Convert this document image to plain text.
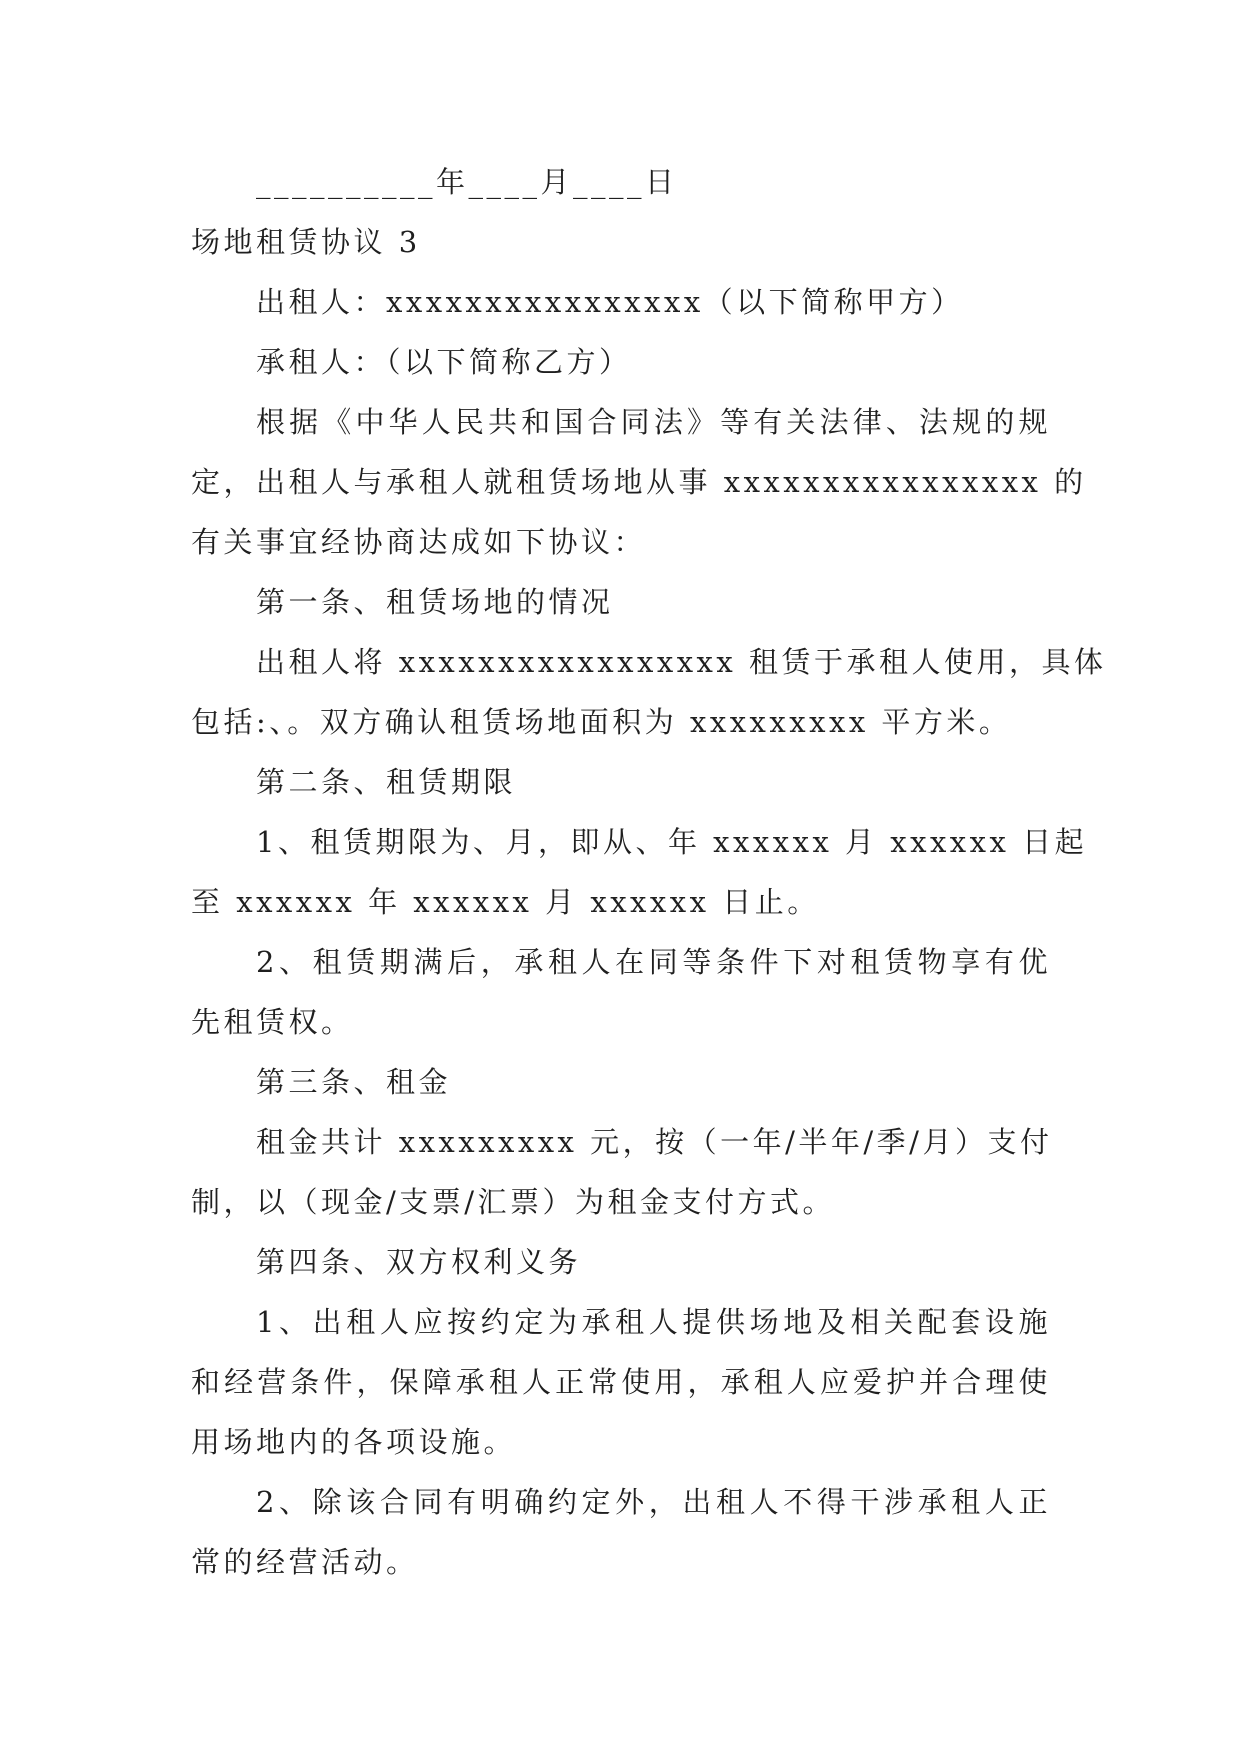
__________年____月____日
场地租赁协议 3
出租人：xxxxxxxxxxxxxxxx（以下简称甲方）
承租人：（以下简称乙方）
根据《中华人民共和国合同法》等有关法律、法规的规
定，出租人与承租人就租赁场地从事 xxxxxxxxxxxxxxxx 的
有关事宜经协商达成如下协议：
第一条、租赁场地的情况
出租人将 xxxxxxxxxxxxxxxxx 租赁于承租人使用，具体
包括:、。双方确认租赁场地面积为 xxxxxxxxx 平方米。
第二条、租赁期限
1、租赁期限为、月，即从、年 xxxxxx 月 xxxxxx 日起
至 xxxxxx 年 xxxxxx 月 xxxxxx 日止。
2、租赁期满后，承租人在同等条件下对租赁物享有优
先租赁权。
第三条、租金
租金共计 xxxxxxxxx 元，按（一年/半年/季/月）支付
制，以（现金/支票/汇票）为租金支付方式。
第四条、双方权利义务
1、出租人应按约定为承租人提供场地及相关配套设施
和经营条件，保障承租人正常使用，承租人应爱护并合理使
用场地内的各项设施。
2、除该合同有明确约定外，出租人不得干涉承租人正
常的经营活动。
